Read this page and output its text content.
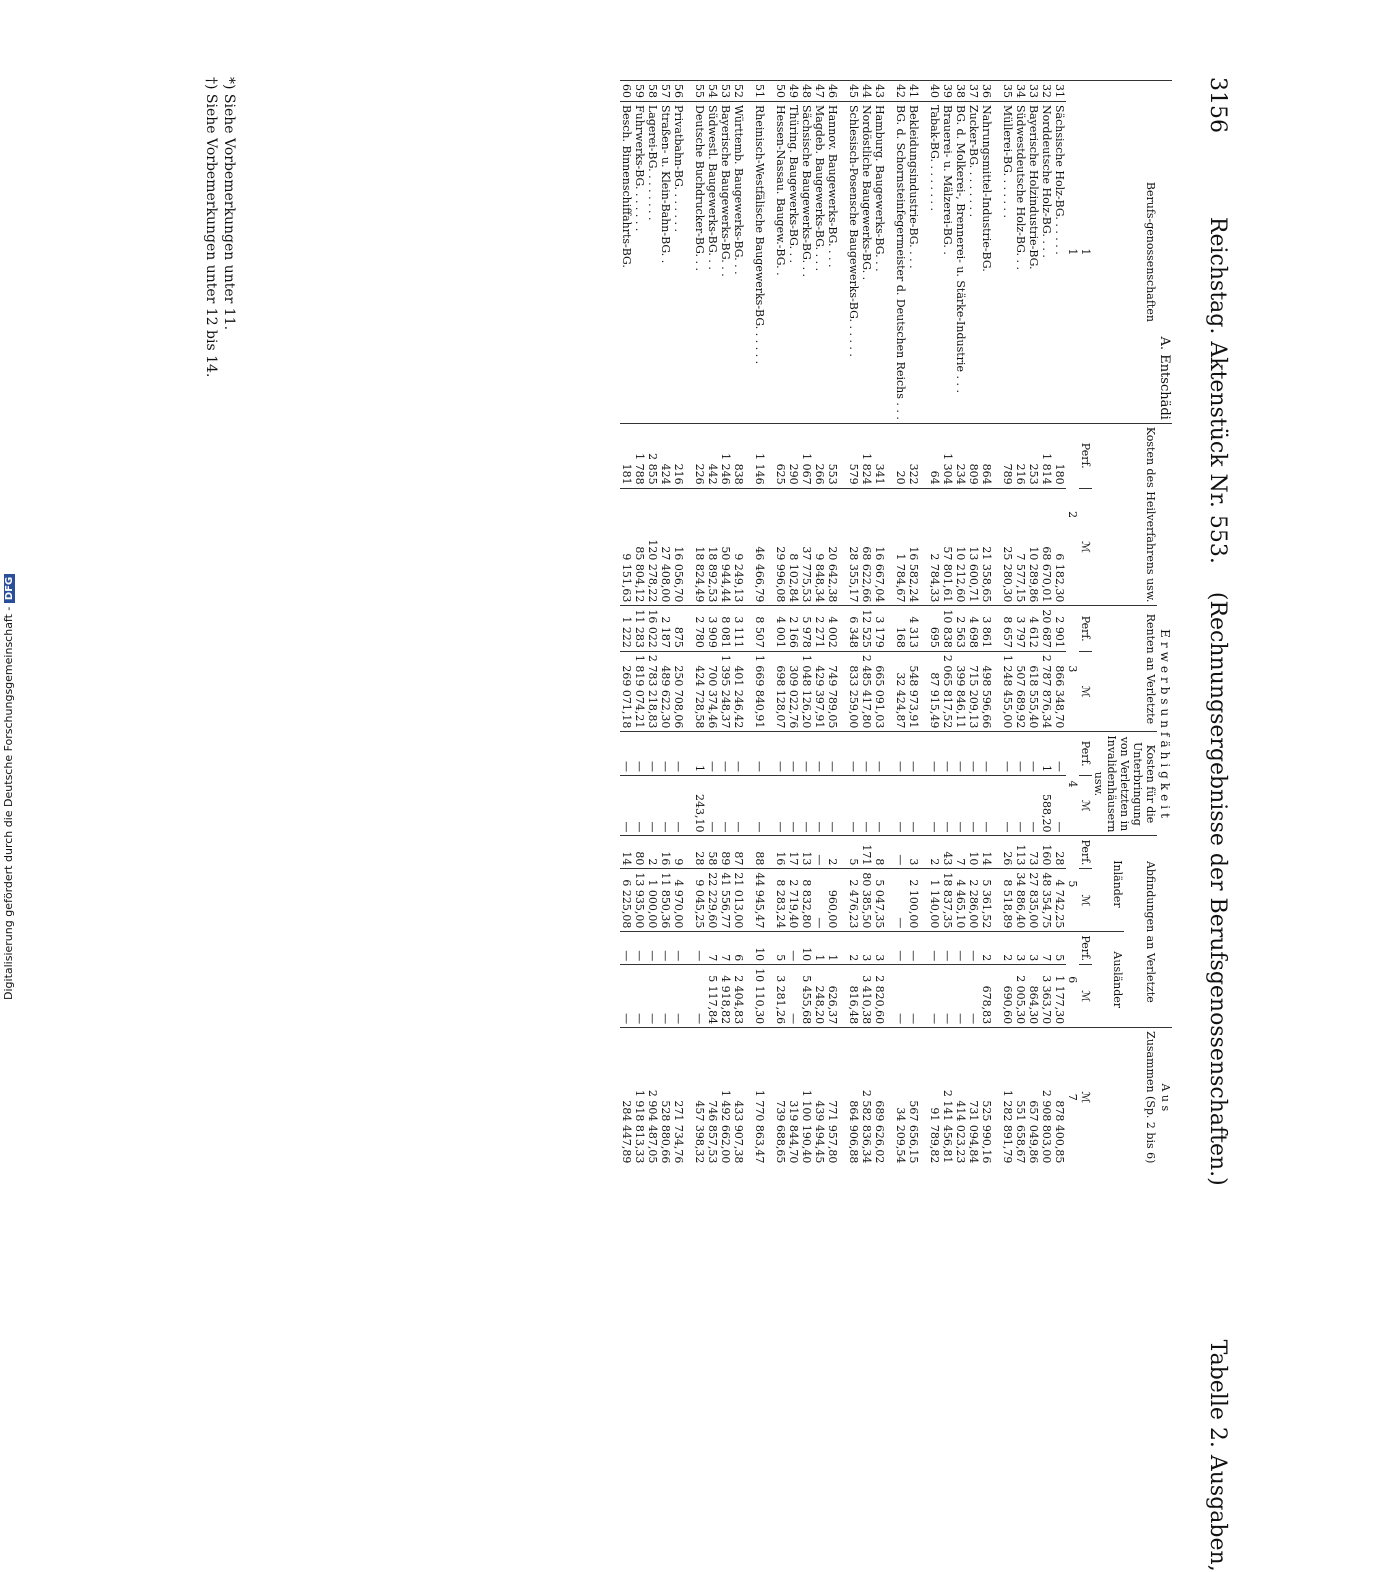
3156            Reichstag. Aktenstück Nr. 553.    (Rechnungsergebnisse der Berufsgenossenschaften.)                      Tabelle 2. Ausgaben,
A. Entschädi		Erwerbsunfähigkeit										A u s
Berufs-genossenschaften		Kosten des Heilverfahrens usw.		Renten an Verletzte		Kosten für die Unterbringung von Verletzten in Invalidenhäusern usw.		Abfindungen an Verletzte				Zusammen (Sp. 2 bis 6)
								Inländer		Ausländer		
1		Perf.	ℳ	Perf.	ℳ	Perf.	ℳ	Perf.	ℳ	Perf.	ℳ	ℳ
1		2		3		4		5		6		7
31	Sächsische Holz-BG. . . . . .	180	6 182,30	2 901	866 348,70	—	—	28	4 742,25	5	1 177,30	878 400,85
32	Norddeutsche Holz-BG. . . .	1 814	68 670,01	20 687	2 787 876,34	1	588,20	160	48 354,75	7	3 363,70	2 908 803,00
33	Bayerische Holzindustrie-BG.	253	10 289,86	4 612	618 555,40	—	—	73	27 835,00	3	864,30	657 049,86
34	Südwestdeutsche Holz-BG. . .	216	7 577,15	3 797	507 689,92	—	—	113	34 886,40	3	2 005,30	551 658,67
35	Müllerei-BG. . . . . . .	789	25 280,30	8 657	1 248 455,00	—	—	26	8 518,89	2	690,60	1 282 891,79
36	Nahrungsmittel-Industrie-BG.	864	21 358,65	3 861	498 596,66	—	—	14	5 361,52	2	678,83	525 990,16
37	Zucker-BG. . . . . . . .	809	13 600,71	4 698	715 209,13	—	—	10	2 286,00	—	—	731 094,84
38	BG. d. Molkerei-, Brennerei- u. Stärke-Industrie . . .	234	10 212,60	2 563	399 846,11	—	—	7	4 465,10	—	—	414 023,23
39	Brauerei- u. Mälzerei-BG. .	1 304	57 801,61	10 838	2 065 817,52	—	—	43	18 837,35	—	—	2 141 456,81
40	Tabak-BG. . . . . . . .	64	2 784,33	695	87 915,49	—	—	2	1 140,00	—	—	91 789,82
41	Bekleidungsindustrie-BG. . . .	322	16 582,24	4 313	548 973,91	—	—	3	2 100,00	—	—	567 656,15
42	BG. d. Schornsteinfegermeister d. Deutschen Reichs . . .	20	1 784,67	168	32 424,87	—	—	—	—	—	—	34 209,54
43	Hamburg. Baugewerks-BG. . .	341	16 667,04	3 179	665 091,03	—	—	8	5 047,35	3	2 820,60	689 626,02
44	Nordöstliche Baugewerks-BG. .	1 824	68 622,66	12 525	2 485 417,80	—	—	171	80 385,50	3	3 410,38	2 582 836,34
45	Schlesisch-Posensche Baugewerks-BG. . . . . .	579	28 355,17	6 348	833 259,00	—	—	5	2 476,23	2	816,48	864 906,88
46	Hannov. Baugewerks-BG. . . .	553	20 642,38	4 002	749 789,05	—	—	2	960,00	1	626,37	771 957,80
47	Magdeb. Baugewerks-BG. . . .	266	9 848,34	2 271	429 397,91	—	—	—	—	1	248,20	439 494,45
48	Sächsische Baugewerks-BG. . .	1 067	37 775,53	5 978	1 048 126,20	—	—	13	8 832,80	10	5 455,68	1 100 190,40
49	Thüring. Baugewerks-BG. . .	290	8 102,84	2 166	309 022,76	—	—	17	2 719,40	—	—	319 844,70
50	Hessen-Nassau. Baugew.-BG. .	625	29 996,08	4 001	698 128,07	—	—	16	8 283,24	5	3 281,26	739 688,65
51	Rheinisch-Westfälische Baugewerks-BG. . . . . .	1 146	46 466,79	8 507	1 669 840,91	—	—	88	44 945,47	10	10 110,30	1 770 863,47
52	Württemb. Baugewerks-BG. . .	838	9 249,13	3 111	401 246,42	—	—	87	21 013,00	6	2 404,83	433 907,38
53	Bayerische Baugewerks-BG. . .	1 246	50 944,44	8 081	1 395 248,37	—	—	89	41 556,77	7	4 918,82	1 492 662,00
54	Südwestl. Baugewerks-BG. . .	442	18 892,53	3 909	700 374,46	—	—	58	22 229,60	7	5 117,84	746 857,53
55	Deutsche Buchdrucker-BG. . .	226	18 824,49	2 780	424 728,58	1	243,10	28	9 045,25	—	—	457 398,32
56	Privatbahn-BG. . . . . . .	216	16 056,70	875	250 708,06	—	—	9	4 970,00	—	—	271 734,76
57	Straßen- u. Klein-Bahn-BG. .	424	27 408,00	2 187	489 622,30	—	—	16	11 850,36	—	—	528 880,66
58	Lagerei-BG. . . . . . . .	2 855	120 278,22	16 022	2 783 218,83	—	—	2	1 000,00	—	—	2 904 487,05
59	Fuhrwerks-BG. . . . . . .	1 788	85 804,12	11 283	1 819 074,21	—	—	80	13 935,00	—	—	1 918 813,33
60	Besch. Binnenschiffahrts-BG.	181	9 151,63	1 222	269 071,18	—	—	14	6 225,08	—	—	284 447,89
*) Siehe Vorbemerkungen unter 11.
†) Siehe Vorbemerkungen unter 12 bis 14.
Digitalisierung gefördert durch die Deutsche Forschungsgemeinschaft - DFG
